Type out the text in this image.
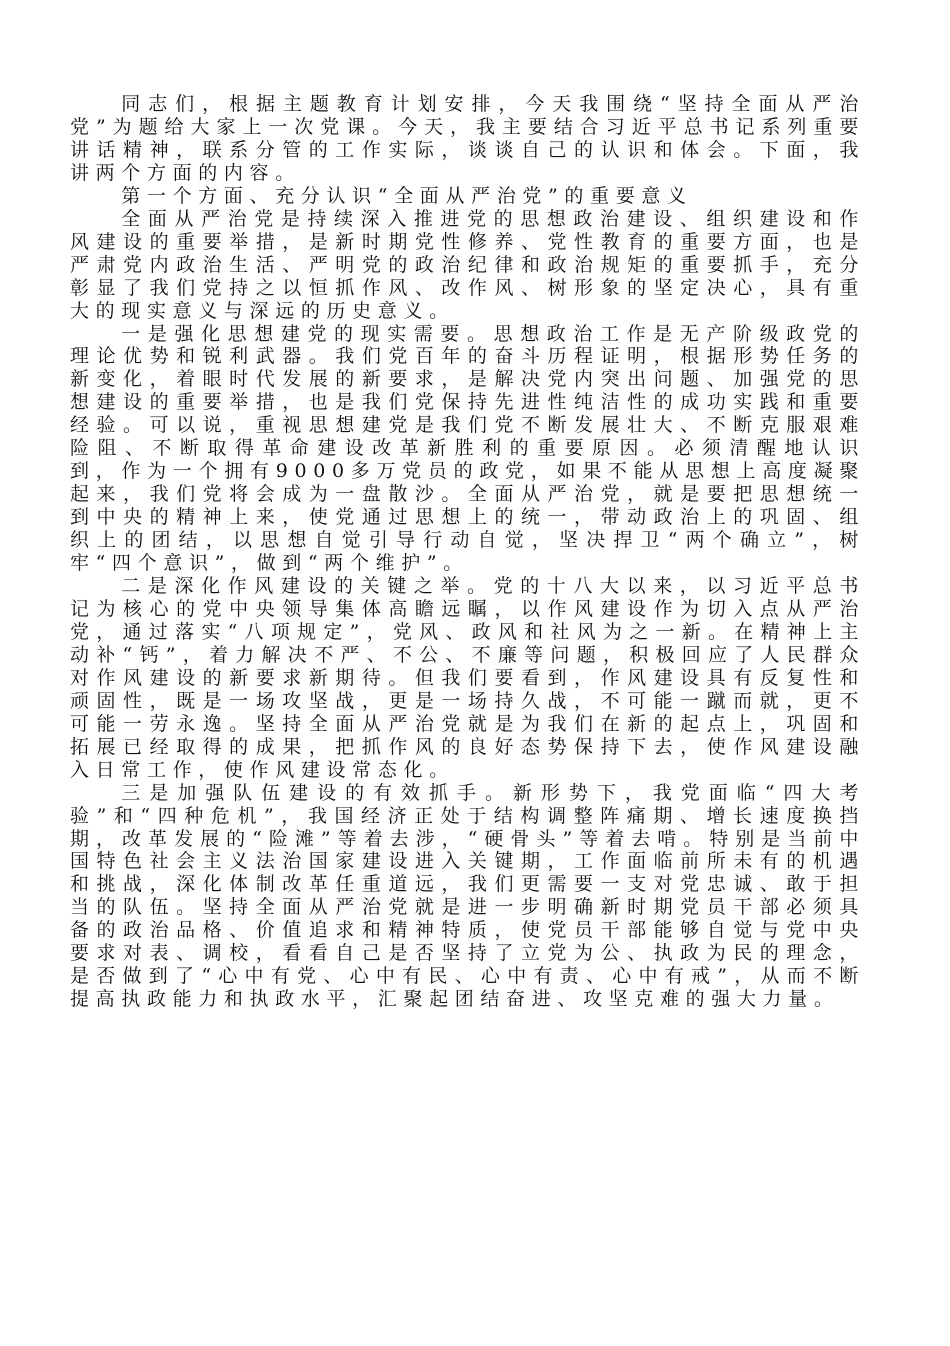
同志们，根据主题教育计划安排，今天我围绕“坚持全面从严治党”为题给大家上一次党课。今天，我主要结合习近平总书记系列重要讲话精神，联系分管的工作实际，谈谈自己的认识和体会。下面，我讲两个方面的内容。

第一个方面、充分认识“全面从严治党”的重要意义

全面从严治党是持续深入推进党的思想政治建设、组织建设和作风建设的重要举措，是新时期党性修养、党性教育的重要方面，也是严肃党内政治生活、严明党的政治纪律和政治规矩的重要抓手，充分彰显了我们党持之以恒抓作风、改作风、树形象的坚定决心，具有重大的现实意义与深远的历史意义。

一是强化思想建党的现实需要。思想政治工作是无产阶级政党的理论优势和锐利武器。我们党百年的奋斗历程证明，根据形势任务的新变化，着眼时代发展的新要求，是解决党内突出问题、加强党的思想建设的重要举措，也是我们党保持先进性纯洁性的成功实践和重要经验。可以说，重视思想建党是我们党不断发展壮大、不断克服艰难险阻、不断取得革命建设改革新胜利的重要原因。必须清醒地认识到，作为一个拥有9000多万党员的政党，如果不能从思想上高度凝聚起来，我们党将会成为一盘散沙。全面从严治党，就是要把思想统一到中央的精神上来，使党通过思想上的统一，带动政治上的巩固、组织上的团结，以思想自觉引导行动自觉，坚决捍卫“两个确立”，树牢“四个意识”，做到“两个维护”。

二是深化作风建设的关键之举。党的十八大以来，以习近平总书记为核心的党中央领导集体高瞻远瞩，以作风建设作为切入点从严治党，通过落实“八项规定”，党风、政风和社风为之一新。在精神上主动补“钙”，着力解决不严、不公、不廉等问题，积极回应了人民群众对作风建设的新要求新期待。但我们要看到，作风建设具有反复性和顽固性，既是一场攻坚战，更是一场持久战，不可能一蹴而就，更不可能一劳永逸。坚持全面从严治党就是为我们在新的起点上，巩固和拓展已经取得的成果，把抓作风的良好态势保持下去，使作风建设融入日常工作，使作风建设常态化。

三是加强队伍建设的有效抓手。新形势下，我党面临“四大考验”和“四种危机”，我国经济正处于结构调整阵痛期、增长速度换挡期，改革发展的“险滩”等着去涉，“硬骨头”等着去啃。特别是当前中国特色社会主义法治国家建设进入关键期，工作面临前所未有的机遇和挑战，深化体制改革任重道远，我们更需要一支对党忠诚、敢于担当的队伍。坚持全面从严治党就是进一步明确新时期党员干部必须具备的政治品格、价值追求和精神特质，使党员干部能够自觉与党中央要求对表、调校，看看自己是否坚持了立党为公、执政为民的理念，是否做到了“心中有党、心中有民、心中有责、心中有戒”，从而不断提高执政能力和执政水平，汇聚起团结奋进、攻坚克难的强大力量。
